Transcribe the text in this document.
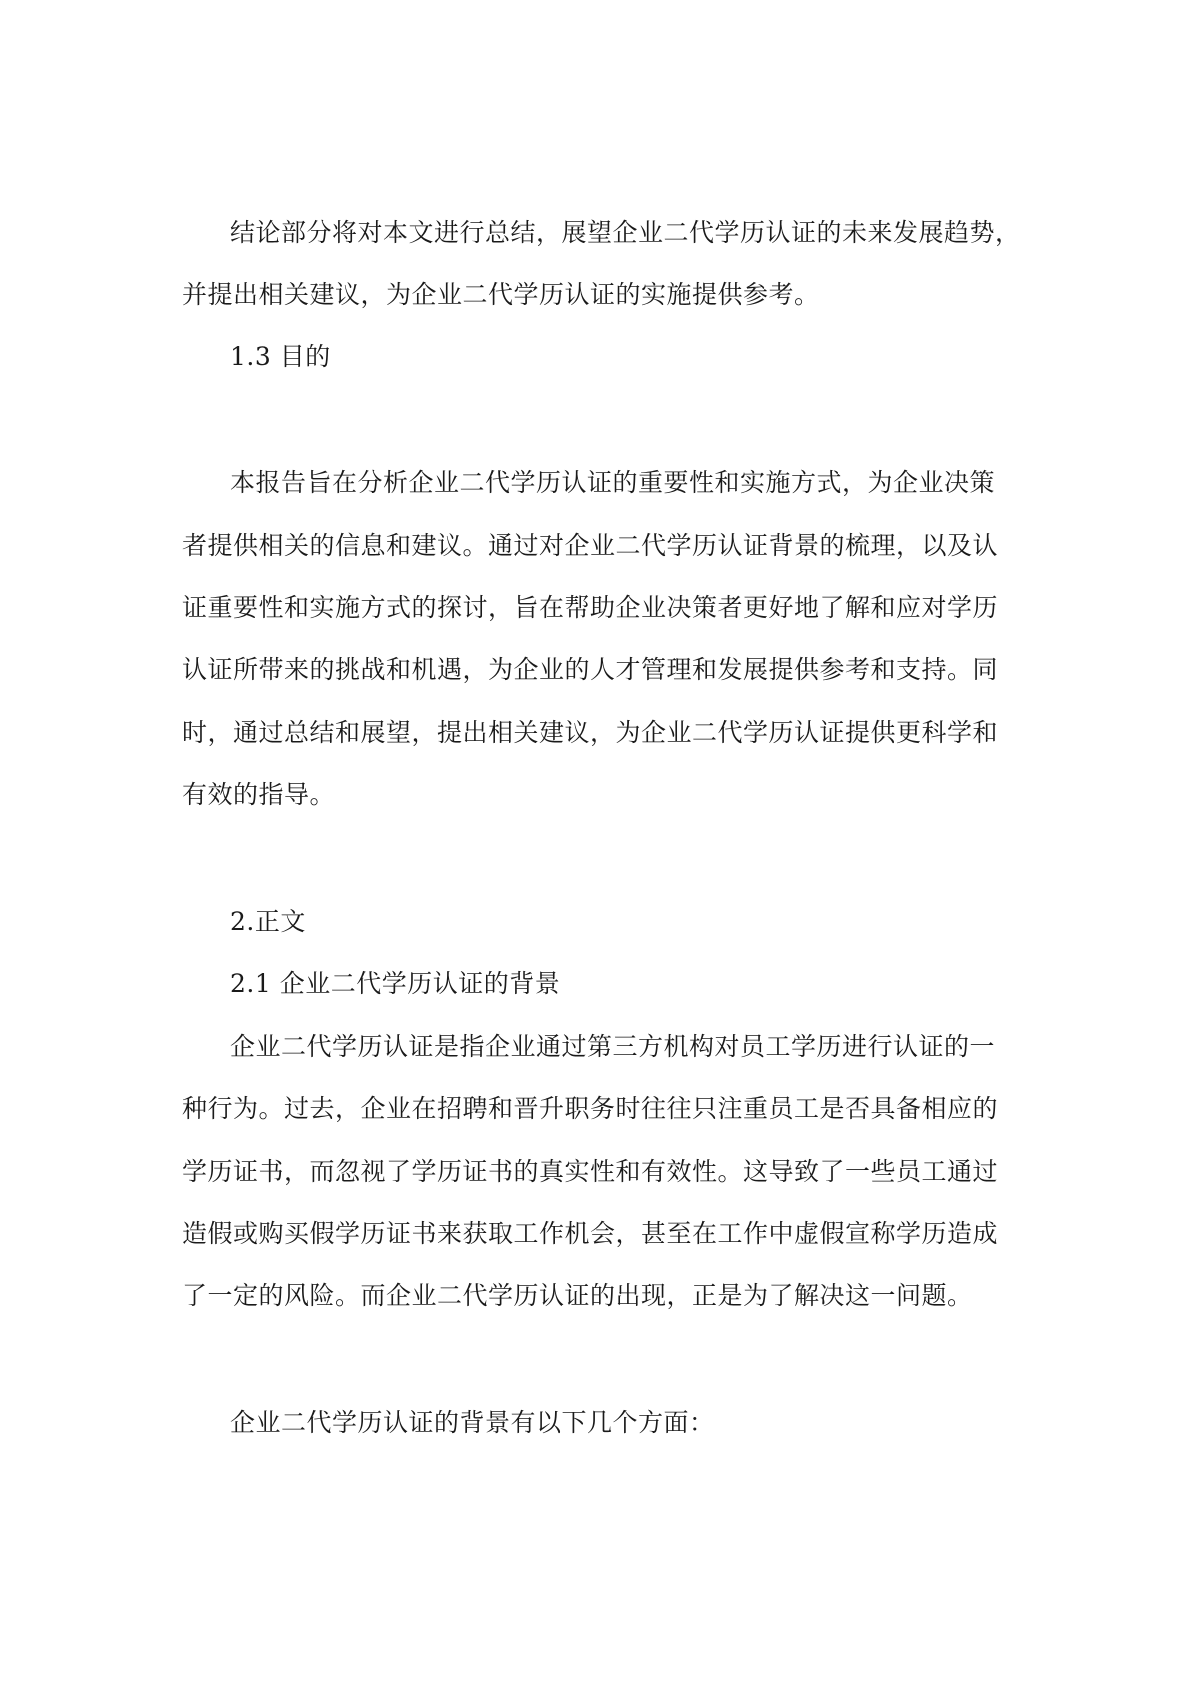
结论部分将对本文进行总结，展望企业二代学历认证的未来发展趋势，
并提出相关建议，为企业二代学历认证的实施提供参考。
1.3 目的
本报告旨在分析企业二代学历认证的重要性和实施方式，为企业决策
者提供相关的信息和建议。通过对企业二代学历认证背景的梳理，以及认
证重要性和实施方式的探讨，旨在帮助企业决策者更好地了解和应对学历
认证所带来的挑战和机遇，为企业的人才管理和发展提供参考和支持。同
时，通过总结和展望，提出相关建议，为企业二代学历认证提供更科学和
有效的指导。
2.正文
2.1 企业二代学历认证的背景
企业二代学历认证是指企业通过第三方机构对员工学历进行认证的一
种行为。过去，企业在招聘和晋升职务时往往只注重员工是否具备相应的
学历证书，而忽视了学历证书的真实性和有效性。这导致了一些员工通过
造假或购买假学历证书来获取工作机会，甚至在工作中虚假宣称学历造成
了一定的风险。而企业二代学历认证的出现，正是为了解决这一问题。
企业二代学历认证的背景有以下几个方面：
